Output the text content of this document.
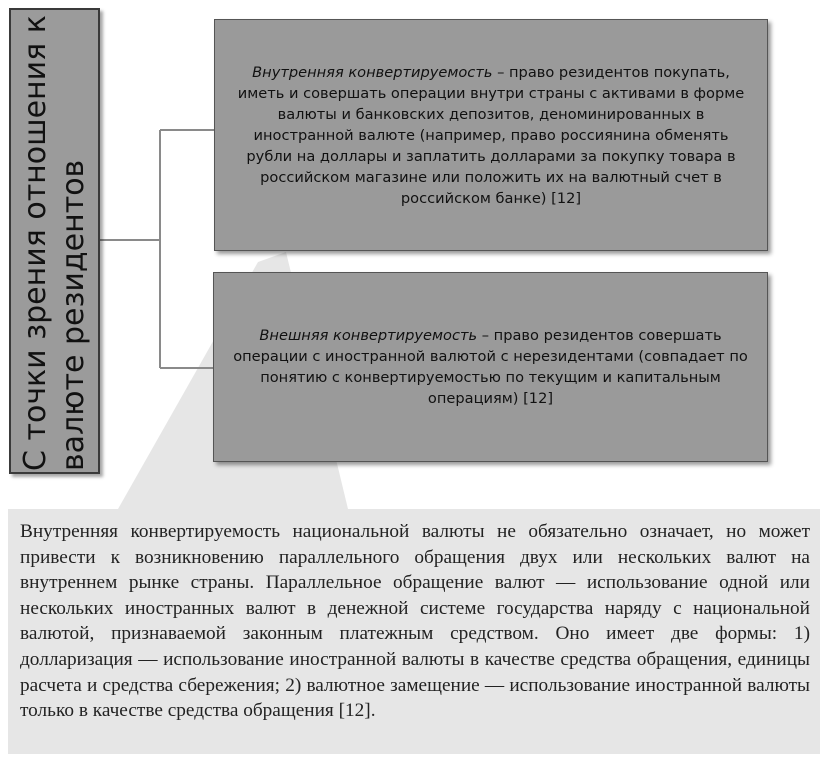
С точки зрения отношения к валюте резидентов
Внутренняя конвертируемость – право резидентов покупать, иметь и совершать операции внутри страны с активами в форме валюты и банковских депозитов, деноминированных в иностранной валюте (например, право россиянина обменять рубли на доллары и заплатить долларами за покупку товара в российском магазине или положить их на валютный счет в российском банке) [12]
Внешняя конвертируемость – право резидентов совершать операции с иностранной валютой с нерезидентами (совпадает по понятию с конвертируемостью по текущим и капитальным операциям) [12]
Внутренняя конвертируемость национальной валюты не обязательно означает, но может привести к возникновению параллельного обращения двух или нескольких валют на внутреннем рынке страны. Параллельное обращение валют — использование одной или нескольких иностранных валют в денежной системе государства наряду с национальной валютой, признаваемой законным платежным средством. Оно имеет две формы: 1) долларизация — использование иностранной валюты в качестве средства обращения, единицы расчета и средства сбережения; 2) валютное замещение — использование иностранной валюты только в качестве средства обращения [12].
